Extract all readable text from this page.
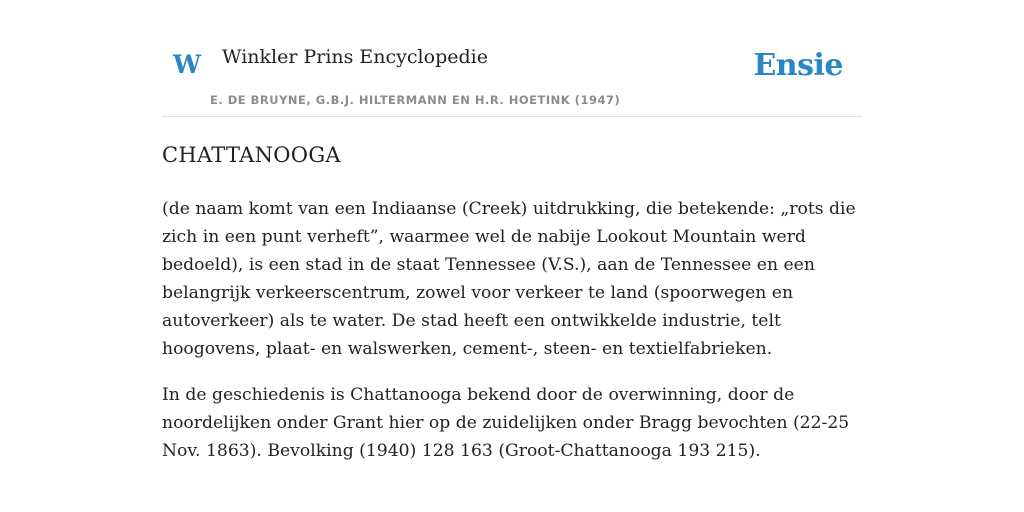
W Winkler Prins Encyclopedie
E. DE BRUYNE, G.B.J. HILTERMANN EN H.R. HOETINK (1947)
Ensie
CHATTANOOGA

(de naam komt van een Indiaanse (Creek) uitdrukking, die betekende: „rots die zich in een punt verheft”, waarmee wel de nabije Lookout Mountain werd bedoeld), is een stad in de staat Tennessee (V.S.), aan de Tennessee en een belangrijk verkeerscentrum, zowel voor verkeer te land (spoorwegen en autoverkeer) als te water. De stad heeft een ontwikkelde industrie, telt hoogovens, plaat- en walswerken, cement-, steen- en textielfabrieken.

In de geschiedenis is Chattanooga bekend door de overwinning, door de noordelijken onder Grant hier op de zuidelijken onder Bragg bevochten (22-25 Nov. 1863). Bevolking (1940) 128 163 (Groot-Chattanooga 193 215).
